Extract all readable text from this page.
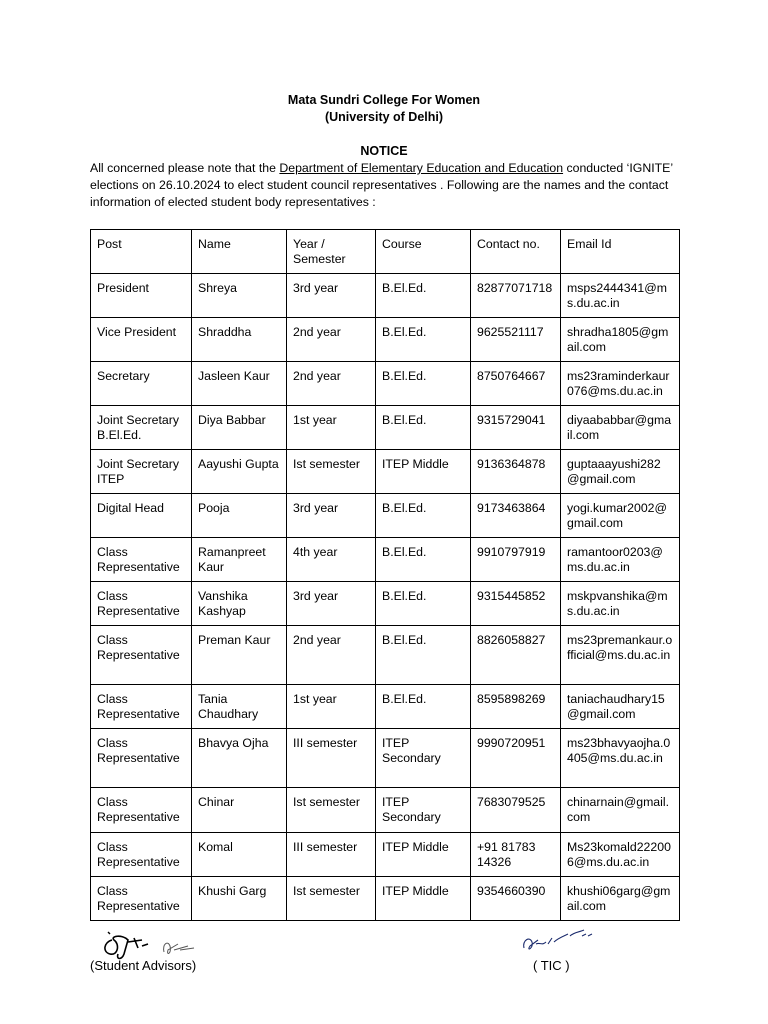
Mata Sundri College For Women
(University of Delhi)
NOTICE
All concerned please note that the Department of Elementary Education and Education conducted ‘IGNITE’ elections on 26.10.2024 to elect student council representatives . Following are the names and the contact information of elected student body representatives :
Post	Name	Year / Semester	Course	Contact no.	Email Id
President	Shreya	3rd year	B.El.Ed.	82877071718	msps2444341@ms.du.ac.in
Vice President	Shraddha	2nd year	B.El.Ed.	9625521117	shradha1805@gmail.com
Secretary	Jasleen Kaur	2nd year	B.El.Ed.	8750764667	ms23raminderkaur076@ms.du.ac.in
Joint Secretary B.El.Ed.	Diya Babbar	1st year	B.El.Ed.	9315729041	diyaababbar@gmail.com
Joint Secretary ITEP	Aayushi Gupta	Ist semester	ITEP Middle	9136364878	guptaaayushi282@gmail.com
Digital Head	Pooja	3rd year	B.El.Ed.	9173463864	yogi.kumar2002@gmail.com
Class Representative	Ramanpreet Kaur	4th year	B.El.Ed.	9910797919	ramantoor0203@ms.du.ac.in
Class Representative	Vanshika Kashyap	3rd year	B.El.Ed.	9315445852	mskpvanshika@ms.du.ac.in
Class Representative	Preman Kaur	2nd year	B.El.Ed.	8826058827	ms23premankaur.official@ms.du.ac.in
Class Representative	Tania Chaudhary	1st year	B.El.Ed.	8595898269	taniachaudhary15@gmail.com
Class Representative	Bhavya Ojha	III semester	ITEP Secondary	9990720951	ms23bhavyaojha.0405@ms.du.ac.in
Class Representative	Chinar	Ist semester	ITEP Secondary	7683079525	chinarnain@gmail.com
Class Representative	Komal	III semester	ITEP Middle	+91 81783 14326	Ms23komald222006@ms.du.ac.in
Class Representative	Khushi Garg	Ist semester	ITEP Middle	9354660390	khushi06garg@gmail.com
(Student Advisors)	( TIC )
